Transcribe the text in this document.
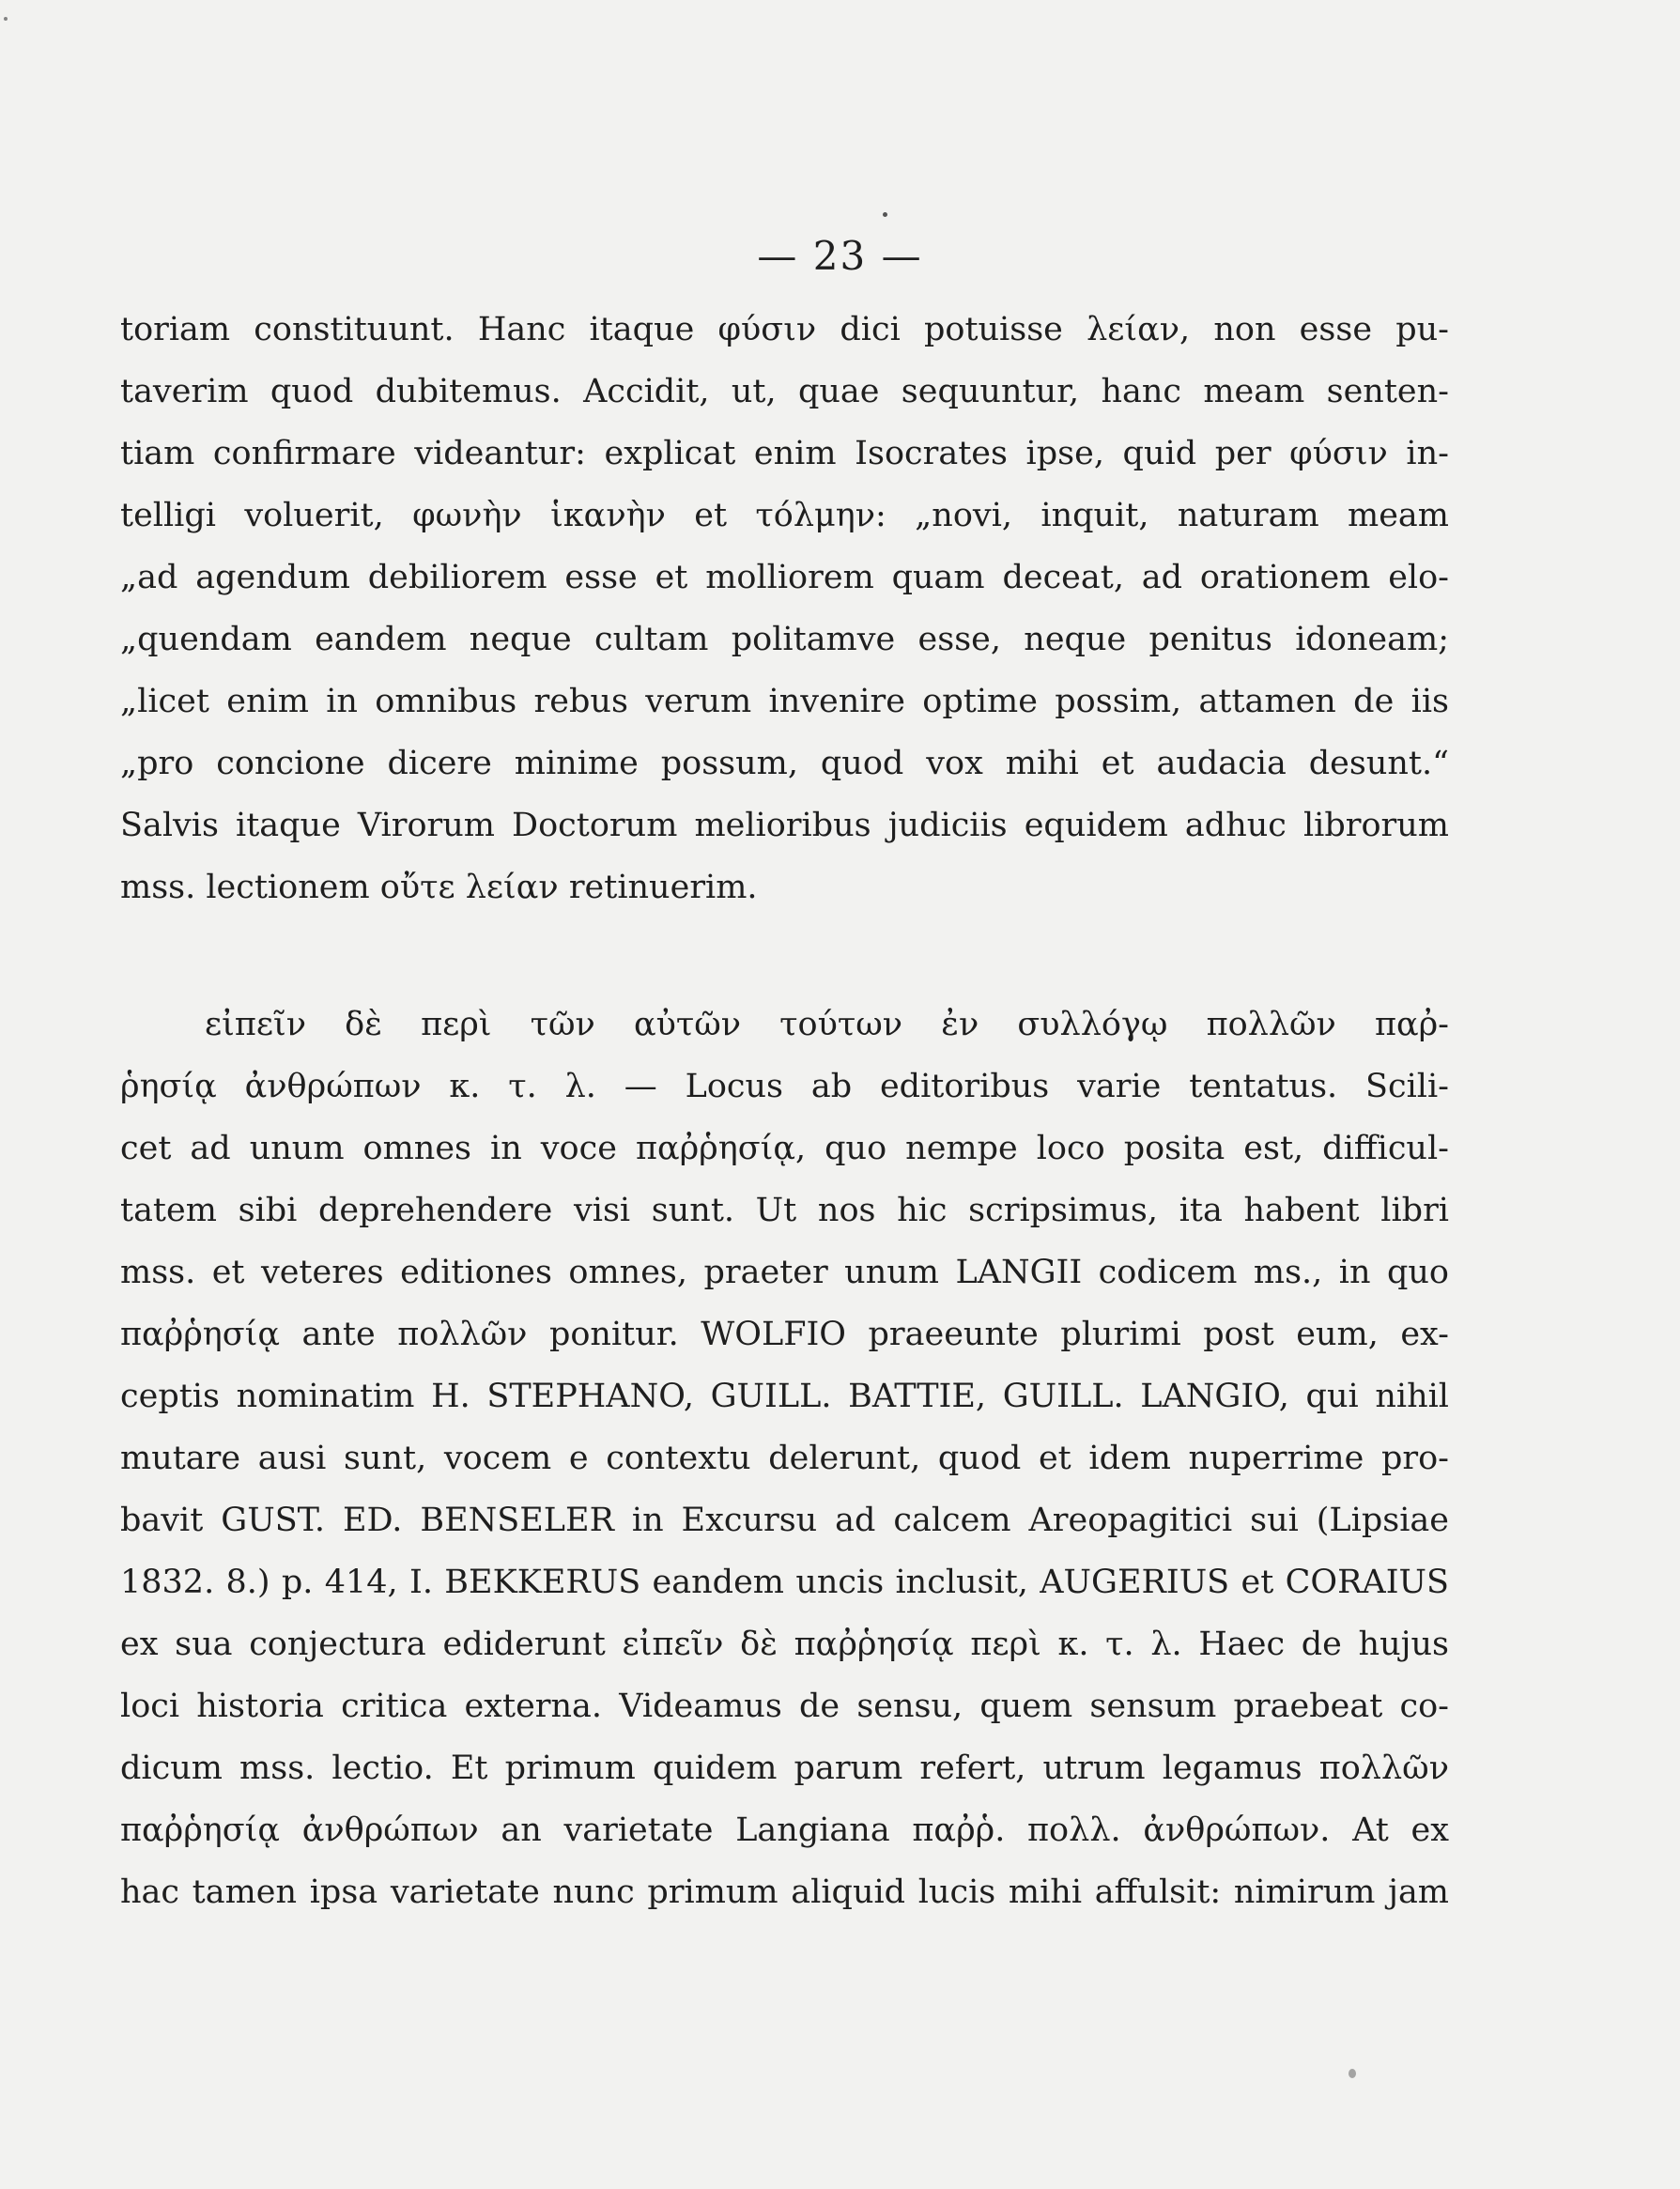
— 23 —
toriam constituunt. Hanc itaque φύσιν dici potuisse λείαν, non esse pu-
taverim quod dubitemus. Accidit, ut, quae sequuntur, hanc meam senten-
tiam confirmare videantur: explicat enim Isocrates ipse, quid per φύσιν in-
telligi voluerit, φωνὴν ἱκανὴν et τόλμην: „novi, inquit, naturam meam
„ad agendum debiliorem esse et molliorem quam deceat, ad orationem elo-
„quendam eandem neque cultam politamve esse, neque penitus idoneam;
„licet enim in omnibus rebus verum invenire optime possim, attamen de iis
„pro concione dicere minime possum, quod vox mihi et audacia desunt.“
Salvis itaque Virorum Doctorum melioribus judiciis equidem adhuc librorum
mss. lectionem οὔτε λείαν retinuerim.
εἰπεῖν δὲ περὶ τῶν αὐτῶν τούτων ἐν συλλόγῳ πολλῶν παῤ-
ῥησίᾳ ἀνθρώπων κ. τ. λ. — Locus ab editoribus varie tentatus. Scili-
cet ad unum omnes in voce παῤῥησίᾳ, quo nempe loco posita est, difficul-
tatem sibi deprehendere visi sunt. Ut nos hic scripsimus, ita habent libri
mss. et veteres editiones omnes, praeter unum LANGII codicem ms., in quo
παῤῥησίᾳ ante πολλῶν ponitur. WOLFIO praeeunte plurimi post eum, ex-
ceptis nominatim H. STEPHANO, GUILL. BATTIE, GUILL. LANGIO, qui nihil
mutare ausi sunt, vocem e contextu delerunt, quod et idem nuperrime pro-
bavit GUST. ED. BENSELER in Excursu ad calcem Areopagitici sui (Lipsiae
1832. 8.) p. 414, I. BEKKERUS eandem uncis inclusit, AUGERIUS et CORAIUS
ex sua conjectura ediderunt εἰπεῖν δὲ παῤῥησίᾳ περὶ κ. τ. λ. Haec de hujus
loci historia critica externa. Videamus de sensu, quem sensum praebeat co-
dicum mss. lectio. Et primum quidem parum refert, utrum legamus πολλῶν
παῤῥησίᾳ ἀνθρώπων an varietate Langiana παῤῥ. πολλ. ἀνθρώπων. At ex
hac tamen ipsa varietate nunc primum aliquid lucis mihi affulsit: nimirum jam
